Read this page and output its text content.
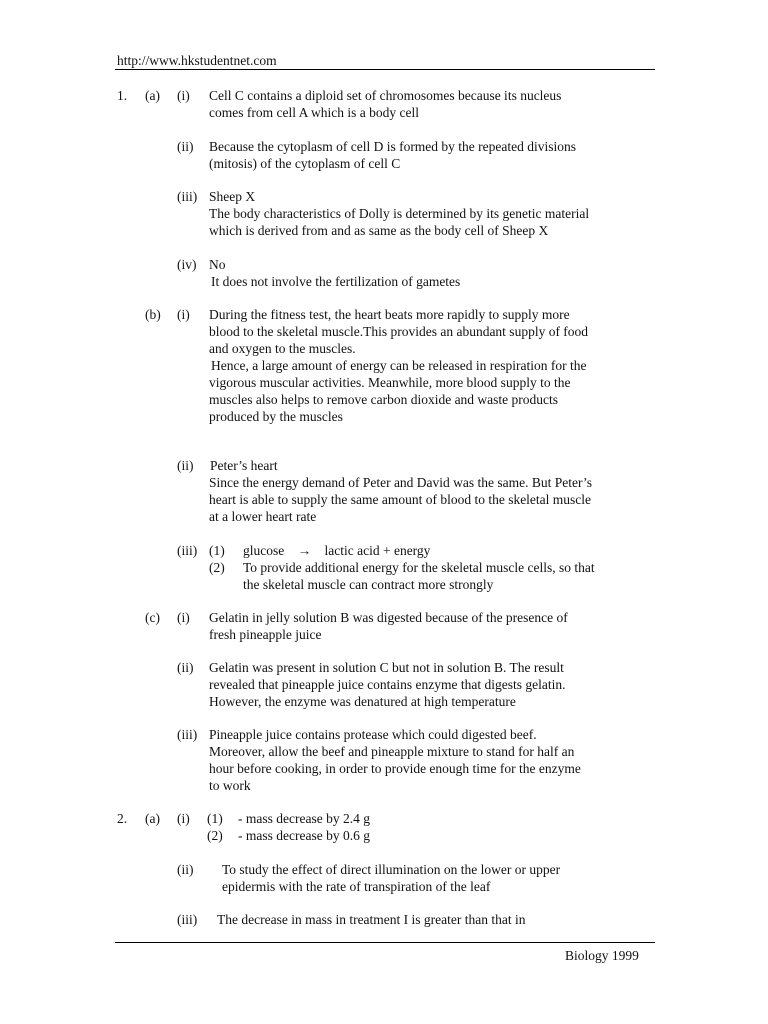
http://www.hkstudentnet.com
1. (a) (i) Cell C contains a diploid set of chromosomes because its nucleus
comes from cell A which is a body cell
(ii) Because the cytoplasm of cell D is formed by the repeated divisions
(mitosis) of the cytoplasm of cell C
(iii) Sheep X
The body characteristics of Dolly is determined by its genetic material
which is derived from and as same as the body cell of Sheep X
(iv) No
It does not involve the fertilization of gametes
(b) (i) During the fitness test, the heart beats more rapidly to supply more
blood to the skeletal muscle.This provides an abundant supply of food
and oxygen to the muscles.
Hence, a large amount of energy can be released in respiration for the
vigorous muscular activities. Meanwhile, more blood supply to the
muscles also helps to remove carbon dioxide and waste products
produced by the muscles
(ii) Peter’s heart
Since the energy demand of Peter and David was the same. But Peter’s
heart is able to supply the same amount of blood to the skeletal muscle
at a lower heart rate
(iii) (1) glucose → lactic acid + energy
(2) To provide additional energy for the skeletal muscle cells, so that
the skeletal muscle can contract more strongly
(c) (i) Gelatin in jelly solution B was digested because of the presence of
fresh pineapple juice
(ii) Gelatin was present in solution C but not in solution B. The result
revealed that pineapple juice contains enzyme that digests gelatin.
However, the enzyme was denatured at high temperature
(iii) Pineapple juice contains protease which could digested beef.
Moreover, allow the beef and pineapple mixture to stand for half an
hour before cooking, in order to provide enough time for the enzyme
to work
2. (a) (i) (1) - mass decrease by 2.4 g
(2) - mass decrease by 0.6 g
(ii) To study the effect of direct illumination on the lower or upper
epidermis with the rate of transpiration of the leaf
(iii) The decrease in mass in treatment I is greater than that in
Biology 1999
